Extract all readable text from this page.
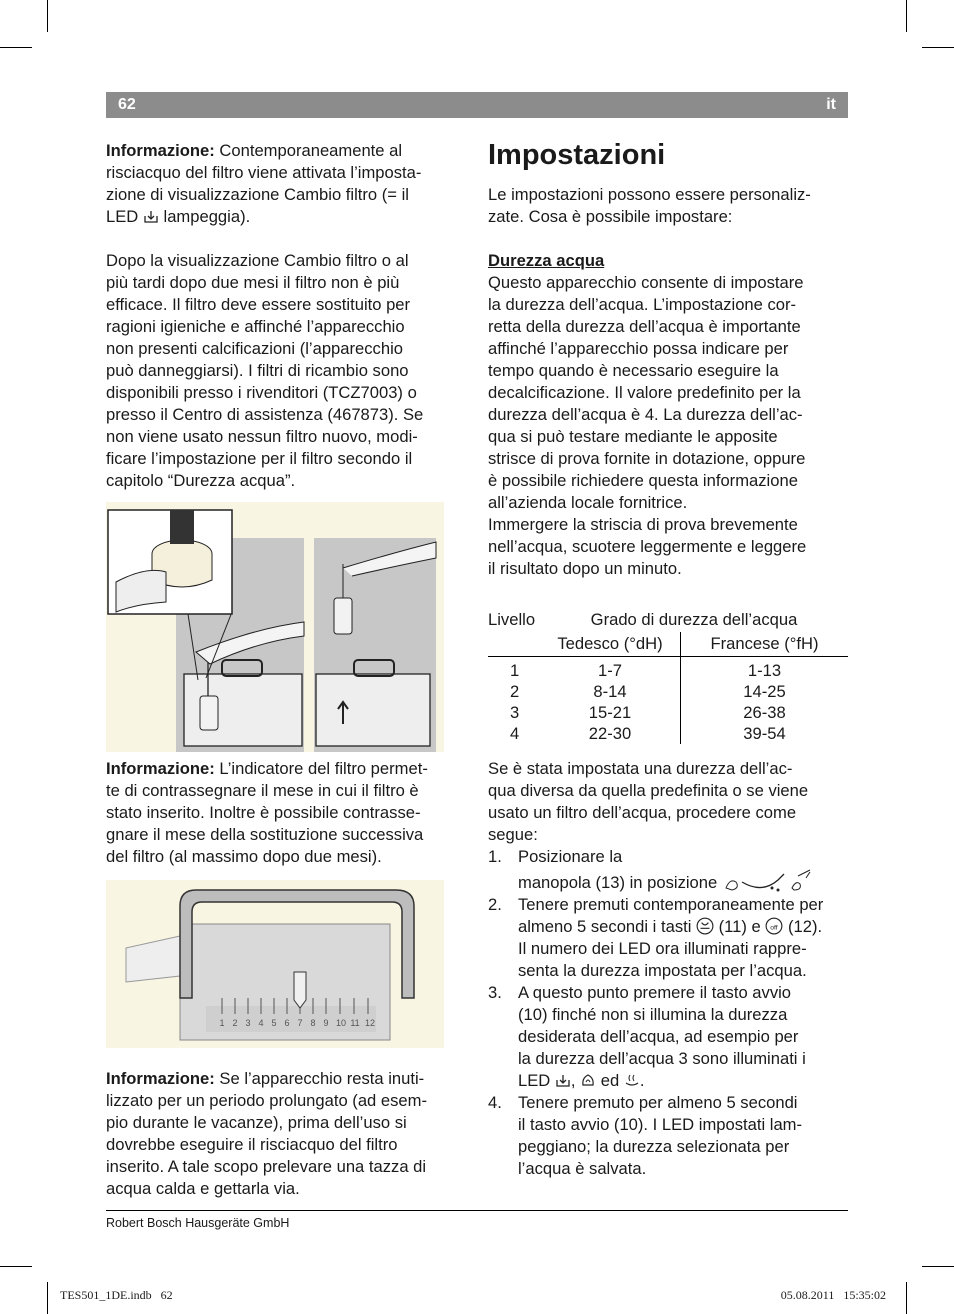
62	it

Informazione: Contemporaneamente al
risciacquo del filtro viene attivata l’imposta-
zione di visualizzazione Cambio filtro (= il
LED  lampeggia).

Dopo la visualizzazione Cambio filtro o al
più tardi dopo due mesi il filtro non è più
efficace. Il filtro deve essere sostituito per
ragioni igieniche e affinché l’apparecchio
non presenti calcificazioni (l’apparecchio
può danneggiarsi). I filtri di ricambio sono
disponibili presso i rivenditori (TCZ7003) o
presso il Centro di assistenza (467873). Se
non viene usato nessun filtro nuovo, modi-
ficare l’impostazione per il filtro secondo il
capitolo “Durezza acqua”.

Informazione: L’indicatore del filtro permet-
te di contrassegnare il mese in cui il filtro è
stato inserito. Inoltre è possibile contrasse-
gnare il mese della sostituzione successiva
del filtro (al massimo dopo due mesi).

1 2 3 4 5 6 7 8 9 10 11 12

Informazione: Se l’apparecchio resta inuti-
lizzato per un periodo prolungato (ad esem-
pio durante le vacanze), prima dell’uso si
dovrebbe eseguire il risciacquo del filtro
inserito. A tale scopo prelevare una tazza di
acqua calda e gettarla via.

Impostazioni

Le impostazioni possono essere personaliz-
zate. Cosa è possibile impostare:

Durezza acqua
Questo apparecchio consente di impostare
la durezza dell’acqua. L’impostazione cor-
retta della durezza dell’acqua è importante
affinché l’apparecchio possa indicare per
tempo quando è necessario eseguire la
decalcificazione. Il valore predefinito per la
durezza dell’acqua è 4. La durezza dell’ac-
qua si può testare mediante le apposite
strisce di prova fornite in dotazione, oppure
è possibile richiedere questa informazione
all’azienda locale fornitrice.
Immergere la striscia di prova brevemente
nell’acqua, scuotere leggermente e leggere
il risultato dopo un minuto.

Livello	Grado di durezza dell’acqua	
	Tedesco (°dH)	Francese (°fH)
1	1-7	1-13
2	8-14	14-25
3	15-21	26-38
4	22-30	39-54

Se è stata impostata una durezza dell’ac-
qua diversa da quella predefinita o se viene
usato un filtro dell’acqua, procedere come
segue:

1. Posizionare la
manopola (13) in posizione
2. Tenere premuti contemporaneamente per
almeno 5 secondi i tasti  (11) e off (12).
Il numero dei LED ora illuminati rappre-
senta la durezza impostata per l’acqua.
3. A questo punto premere il tasto avvio
(10) finché non si illumina la durezza
desiderata dell’acqua, ad esempio per
la durezza dell’acqua 3 sono illuminati i
LED ,  ed .
4. Tenere premuto per almeno 5 secondi
il tasto avvio (10). I LED impostati lam-
peggiano; la durezza selezionata per
l’acqua è salvata.
Robert Bosch Hausgeräte GmbH
TES501_1DE.indb   62	05.08.2011   15:35:02
